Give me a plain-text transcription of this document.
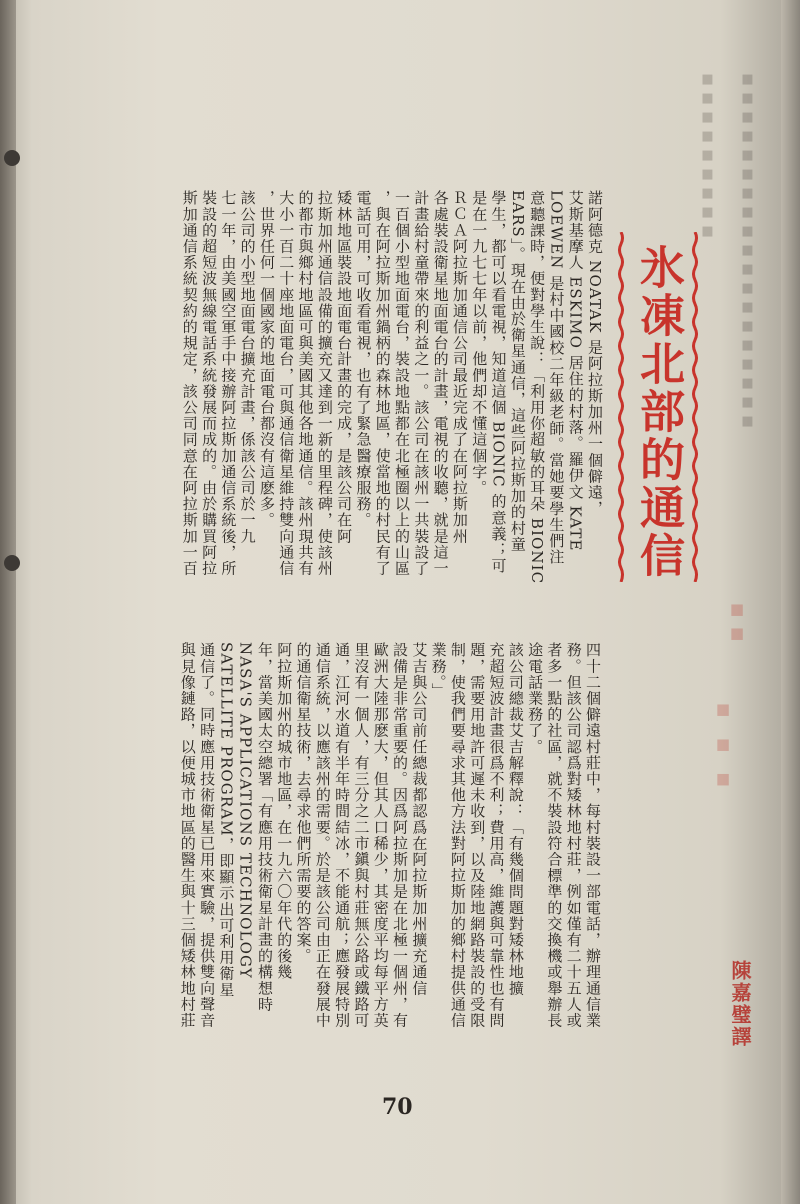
■■■■■■■■■ ■■■■■■■■■■■■■■■■■■■
■■
■ ■ ■
氷凍北部的通信

諾阿德克 NOATAK 是阿拉斯加州一個僻遠，

艾斯基摩人 ESKIMO 居住的村落。羅伊文 KATE

LOEWEN 是村中國校二年級老師。當她要學生們注

意聽課時，便對學生說：「利用你超敏的耳朵 BIONIC

EARS」。現在由於衛星通信，這些阿拉斯加的村童

學生，都可以看電視，知道這個 BIONIC 的意義；可

是在一九七七年以前，他們却不懂這個字。

ＲＣＡ阿拉斯加通信公司最近完成了在阿拉斯加州

各處裝設衛星地面電台的計畫，電視的收聽，就是這一

計畫給村童帶來的利益之一。該公司在該州一共裝設了

一百個小型地面電台，裝設地點都在北極圈以上的山區

，與在阿拉斯加州鍋柄的森林地區，使當地的村民有了

電話可用，可收看電視，也有了緊急醫療服務。

矮林地區裝設地面電台計畫的完成，是該公司在阿

拉斯加州通信設備的擴充又達到一新的里程碑，使該州

的都市與鄉村地區可與美國其他各地通信。該州現共有

大小一百二十座地面電台，可與通信衛星維持雙向通信

，世界任何一個國家的地面電台都沒有這麽多。

該公司的小型地面電台擴充計畫，係該公司於一九

七一年，由美國空軍手中接辦阿拉斯加通信系統後，所

裝設的超短波無線電話系統發展而成的。由於購買阿拉

斯加通信系統契約的規定，該公司同意在阿拉斯加一百

四十二個僻遠村莊中，每村裝設一部電話，辦理通信業

務。但該公司認爲對矮林地村莊，例如僅有二十五人或

者多一點的社區，就不裝設符合標準的交換機或舉辦長

途電話業務了。

該公司總裁艾吉解釋說：「有幾個問題對矮林地擴

充超短波計畫很爲不利；費用高，維護與可靠性也有問

題，需要用地許可遲未收到，以及陸地網路裝設的受限

制，使我們要尋求其他方法對阿拉斯加的鄉村提供通信

業務。」

艾吉與公司前任總裁都認爲在阿拉斯加州擴充通信

設備是非常重要的。因爲阿拉斯加是在北極一個州，有

歐洲大陸那麽大，但其人口稀少，其密度平均每平方英

里沒有一個人，有三分之二市鎭與村莊無公路或鐵路可

通，江河水道有半年時間結冰，不能通航；應發展特別

通信系統，以應該州的需要。於是該公司由正在發展中

的通信衛星技術，去尋求他們所需要的答案。

阿拉斯加州的城市地區，在一九六〇年代的後幾

年，當美國太空總署「有應用技術衛星計畫的構想時

NASA'S APPLICATIONS TECHNOLOGY

SATELLITE PROGRAM，即顯示出可利用衛星

通信了。同時應用技術衛星已用來實驗，提供雙向聲音

與見像鏈路，以便城市地區的醫生與十三個矮林地村莊	陳嘉璧譯
70
